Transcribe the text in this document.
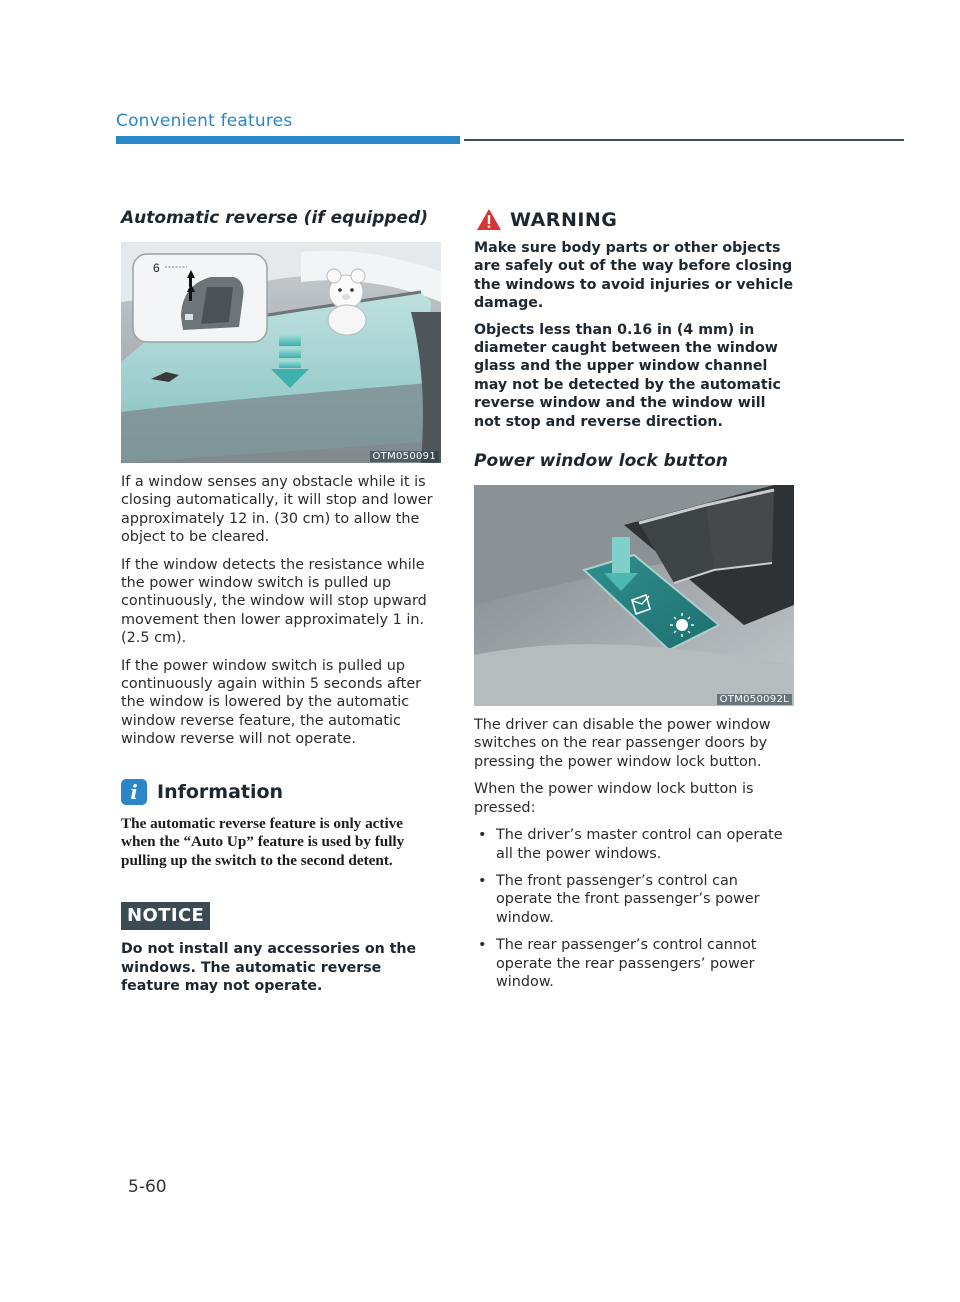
Convenient features
Automatic reverse (if equipped)
6
OTM050091

If a window senses any obstacle while it is closing automatically, it will stop and lower approximately 12 in. (30 cm) to allow the object to be cleared.

If the window detects the resistance while the power window switch is pulled up continuously, the window will stop upward movement then lower approximately 1 in. (2.5 cm).

If the power window switch is pulled up continuously again within 5 seconds after the window is lowered by the automatic window reverse feature, the automatic window reverse will not operate.

i	Information

The automatic reverse feature is only active when the “Auto Up” feature is used by fully pulling up the switch to the second detent.

NOTICE

Do not install any accessories on the windows. The automatic reverse feature may not operate.

WARNING

Make sure body parts or other objects are safely out of the way before closing the windows to avoid injuries or vehicle damage.

Objects less than 0.16 in (4 mm) in diameter caught between the window glass and the upper window channel may not be detected by the automatic reverse window and the window will not stop and reverse direction.

Power window lock button
OTM050092L

The driver can disable the power window switches on the rear passenger doors by pressing the power window lock button.

When the power window lock button is pressed:

• The driver’s master control can operate all the power windows.
• The front passenger’s control can operate the front passenger’s power window.
• The rear passenger’s control cannot operate the rear passengers’ power window.
5-60
